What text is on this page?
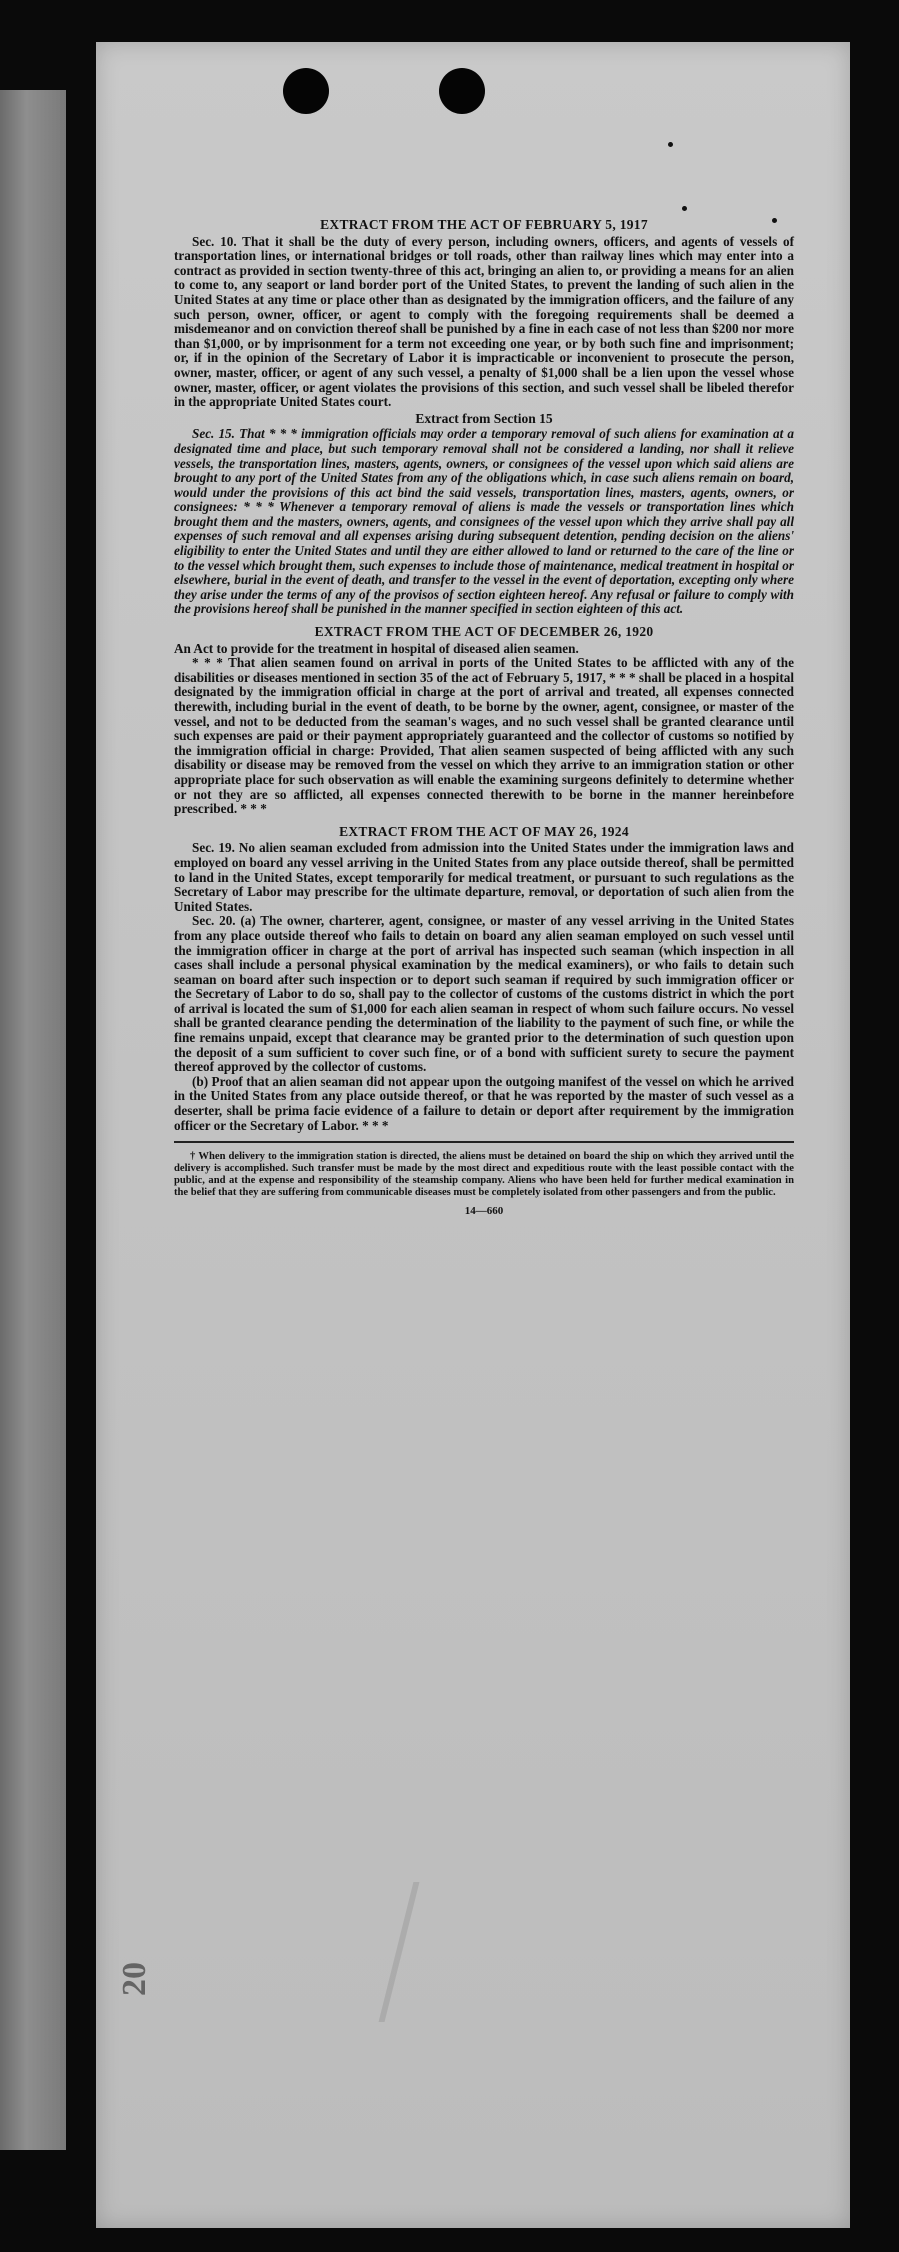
20
EXTRACT FROM THE ACT OF FEBRUARY 5, 1917

Sec. 10. That it shall be the duty of every person, including owners, officers, and agents of vessels of transportation lines, or international bridges or toll roads, other than railway lines which may enter into a contract as provided in section twenty-three of this act, bringing an alien to, or providing a means for an alien to come to, any seaport or land border port of the United States, to prevent the landing of such alien in the United States at any time or place other than as designated by the immigration officers, and the failure of any such person, owner, officer, or agent to comply with the foregoing requirements shall be deemed a misdemeanor and on conviction thereof shall be punished by a fine in each case of not less than $200 nor more than $1,000, or by imprisonment for a term not exceeding one year, or by both such fine and imprisonment; or, if in the opinion of the Secretary of Labor it is impracticable or inconvenient to prosecute the person, owner, master, officer, or agent of any such vessel, a penalty of $1,000 shall be a lien upon the vessel whose owner, master, officer, or agent violates the provisions of this section, and such vessel shall be libeled therefor in the appropriate United States court.

Extract from Section 15

Sec. 15. That * * * immigration officials may order a temporary removal of such aliens for examination at a designated time and place, but such temporary removal shall not be considered a landing, nor shall it relieve vessels, the transportation lines, masters, agents, owners, or consignees of the vessel upon which said aliens are brought to any port of the United States from any of the obligations which, in case such aliens remain on board, would under the provisions of this act bind the said vessels, transportation lines, masters, agents, owners, or consignees: * * * Whenever a temporary removal of aliens is made the vessels or transportation lines which brought them and the masters, owners, agents, and consignees of the vessel upon which they arrive shall pay all expenses of such removal and all expenses arising during subsequent detention, pending decision on the aliens' eligibility to enter the United States and until they are either allowed to land or returned to the care of the line or to the vessel which brought them, such expenses to include those of maintenance, medical treatment in hospital or elsewhere, burial in the event of death, and transfer to the vessel in the event of deportation, excepting only where they arise under the terms of any of the provisos of section eighteen hereof. Any refusal or failure to comply with the provisions hereof shall be punished in the manner specified in section eighteen of this act.

EXTRACT FROM THE ACT OF DECEMBER 26, 1920

An Act to provide for the treatment in hospital of diseased alien seamen.

* * * That alien seamen found on arrival in ports of the United States to be afflicted with any of the disabilities or diseases mentioned in section 35 of the act of February 5, 1917, * * * shall be placed in a hospital designated by the immigration official in charge at the port of arrival and treated, all expenses connected therewith, including burial in the event of death, to be borne by the owner, agent, consignee, or master of the vessel, and not to be deducted from the seaman's wages, and no such vessel shall be granted clearance until such expenses are paid or their payment appropriately guaranteed and the collector of customs so notified by the immigration official in charge: Provided, That alien seamen suspected of being afflicted with any such disability or disease may be removed from the vessel on which they arrive to an immigration station or other appropriate place for such observation as will enable the examining surgeons definitely to determine whether or not they are so afflicted, all expenses connected therewith to be borne in the manner hereinbefore prescribed. * * *

EXTRACT FROM THE ACT OF MAY 26, 1924

Sec. 19. No alien seaman excluded from admission into the United States under the immigration laws and employed on board any vessel arriving in the United States from any place outside thereof, shall be permitted to land in the United States, except temporarily for medical treatment, or pursuant to such regulations as the Secretary of Labor may prescribe for the ultimate departure, removal, or deportation of such alien from the United States.

Sec. 20. (a) The owner, charterer, agent, consignee, or master of any vessel arriving in the United States from any place outside thereof who fails to detain on board any alien seaman employed on such vessel until the immigration officer in charge at the port of arrival has inspected such seaman (which inspection in all cases shall include a personal physical examination by the medical examiners), or who fails to detain such seaman on board after such inspection or to deport such seaman if required by such immigration officer or the Secretary of Labor to do so, shall pay to the collector of customs of the customs district in which the port of arrival is located the sum of $1,000 for each alien seaman in respect of whom such failure occurs. No vessel shall be granted clearance pending the determination of the liability to the payment of such fine, or while the fine remains unpaid, except that clearance may be granted prior to the determination of such question upon the deposit of a sum sufficient to cover such fine, or of a bond with sufficient surety to secure the payment thereof approved by the collector of customs.

(b) Proof that an alien seaman did not appear upon the outgoing manifest of the vessel on which he arrived in the United States from any place outside thereof, or that he was reported by the master of such vessel as a deserter, shall be prima facie evidence of a failure to detain or deport after requirement by the immigration officer or the Secretary of Labor. * * *

† When delivery to the immigration station is directed, the aliens must be detained on board the ship on which they arrived until the delivery is accomplished. Such transfer must be made by the most direct and expeditious route with the least possible contact with the public, and at the expense and responsibility of the steamship company. Aliens who have been held for further medical examination in the belief that they are suffering from communicable diseases must be completely isolated from other passengers and from the public.

14—660
